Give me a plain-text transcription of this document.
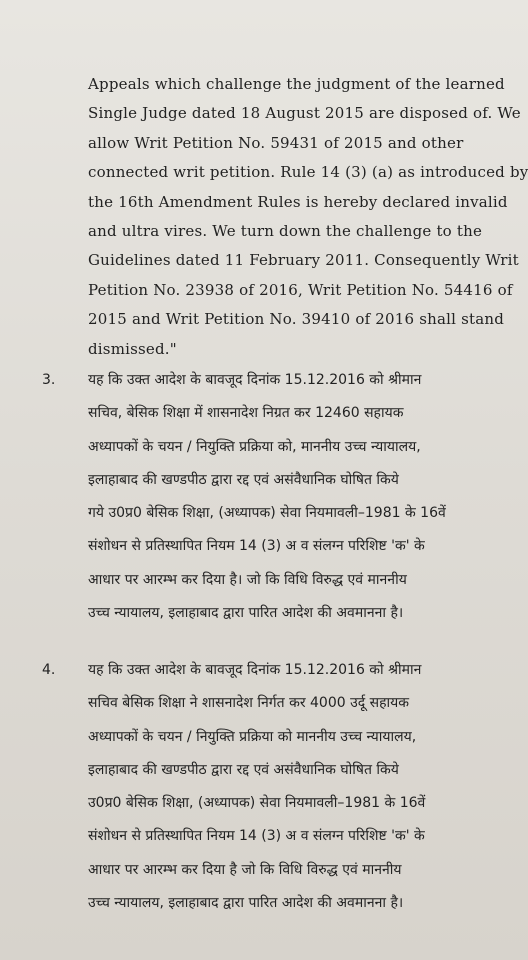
Appeals which challenge the judgment of the learned
Single Judge dated 18 August 2015 are disposed of. We
allow Writ Petition No. 59431 of 2015 and other
connected writ petition. Rule 14 (3) (a) as introduced by
the 16th Amendment Rules is hereby declared invalid
and ultra vires. We turn down the challenge to the
Guidelines dated 11 February 2011. Consequently Writ
Petition No. 23938 of 2016, Writ Petition No. 54416 of
2015 and Writ Petition No. 39410 of 2016 shall stand
dismissed."
3. यह कि उक्त आदेश के बावजूद दिनांक 15.12.2016 को श्रीमान
सचिव, बेसिक शिक्षा में शासनादेश निग्रत कर 12460 सहायक
अध्यापकों के चयन / नियुक्ति प्रक्रिया को, माननीय उच्च न्यायालय,
इलाहाबाद की खण्डपीठ द्वारा रद्द एवं असंवैधानिक घोषित किये
गये उ0प्र0 बेसिक शिक्षा, (अध्यापक) सेवा नियमावली–1981 के 16वें
संशोधन से प्रतिस्थापित नियम 14 (3) अ व संलग्न परिशिष्ट 'क' के
आधार पर आरम्भ कर दिया है। जो कि विधि विरुद्ध एवं माननीय
उच्च न्यायालय, इलाहाबाद द्वारा पारित आदेश की अवमानना है।
4. यह कि उक्त आदेश के बावजूद दिनांक 15.12.2016 को श्रीमान
सचिव बेसिक शिक्षा ने शासनादेश निर्गत कर 4000 उर्दू सहायक
अध्यापकों के चयन / नियुक्ति प्रक्रिया को माननीय उच्च न्यायालय,
इलाहाबाद की खण्डपीठ द्वारा रद्द एवं असंवैधानिक घोषित किये
उ0प्र0 बेसिक शिक्षा, (अध्यापक) सेवा नियमावली–1981 के 16वें
संशोधन से प्रतिस्थापित नियम 14 (3) अ व संलग्न परिशिष्ट 'क' के
आधार पर आरम्भ कर दिया है जो कि विधि विरुद्ध एवं माननीय
उच्च न्यायालय, इलाहाबाद द्वारा पारित आदेश की अवमानना है।
